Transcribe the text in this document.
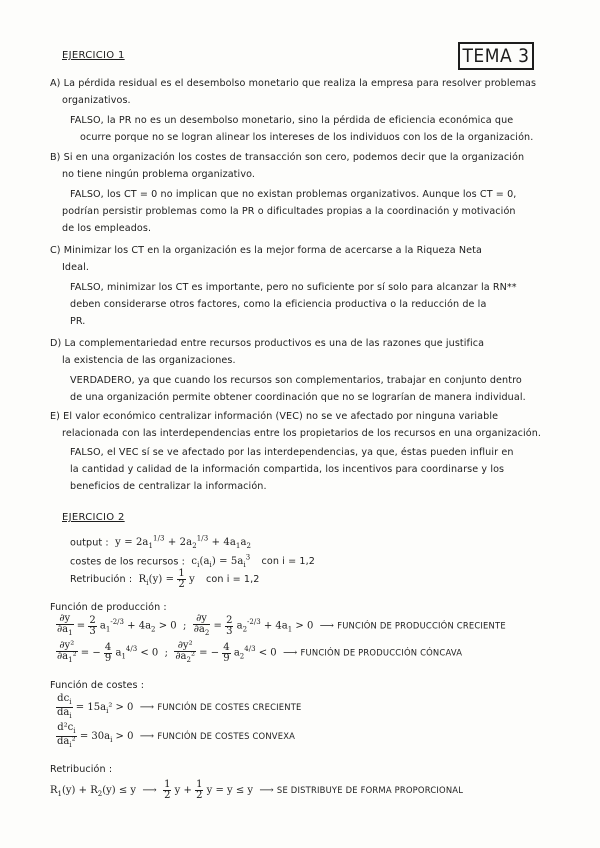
EJERCICIO 1	TEMA 3
A) La pérdida residual es el desembolso monetario que realiza la empresa para resolver problemas
organizativos.
FALSO, la PR no es un desembolso monetario, sino la pérdida de eficiencia económica que
ocurre porque no se logran alinear los intereses de los individuos con los de la organización.
B) Si en una organización los costes de transacción son cero, podemos decir que la organización
no tiene ningún problema organizativo.
FALSO, los CT = 0 no implican que no existan problemas organizativos. Aunque los CT = 0,
podrían persistir problemas como la PR o dificultades propias a la coordinación y motivación
de los empleados.
C) Minimizar los CT en la organización es la mejor forma de acercarse a la Riqueza Neta
Ideal.
FALSO, minimizar los CT es importante, pero no suficiente por sí solo para alcanzar la RN**
deben considerarse otros factores, como la eficiencia productiva o la reducción de la
PR.
D) La complementariedad entre recursos productivos es una de las razones que justifica
la existencia de las organizaciones.
VERDADERO, ya que cuando los recursos son complementarios, trabajar en conjunto dentro
de una organización permite obtener coordinación que no se lograrían de manera individual.
E) El valor económico centralizar información (VEC) no se ve afectado por ninguna variable
relacionada con las interdependencias entre los propietarios de los recursos en una organización.
FALSO, el VEC sí se ve afectado por las interdependencias, ya que, éstas pueden influir en
la cantidad y calidad de la información compartida, los incentivos para coordinarse y los
beneficios de centralizar la información.
EJERCICIO 2
output :  $y = 2a_1^{1/3} + 2a_2^{1/3} + 4a_1a_2$
costes de los recursos :  $c_i(a_i) = 5a_i^3$ con i = 1,2
Retribución :  $R_i(y) = \frac{1}{2}$ y con i = 1,2
Función de producción :
$\frac{\partial y}{\partial a_1} = \frac{2}{3} a_1^{-2/3} + 4a_2 > 0$  ; $\frac{\partial y}{\partial a_2} = \frac{2}{3} a_2^{-2/3} + 4a_1 > 0$  ⟶ FUNCIÓN DE PRODUCCIÓN CRECIENTE
$\frac{\text{∂y²}}{\partial a_1^2}$ = − $\frac{4}{9} a_1^{4/3} < 0$  ; $\frac{\text{∂y²}}{\partial a_2^2}$ = − $\frac{4}{9} a_2^{4/3} < 0$  ⟶ FUNCIÓN DE PRODUCCIÓN CÓNCAVA
Función de costes :
$\frac{dc_i}{da_i} = 15a_i^2 > 0$  ⟶ FUNCIÓN DE COSTES CRECIENTE
$\frac{d^2c_i}{da_i^2} = 30a_i > 0$  ⟶ FUNCIÓN DE COSTES CONVEXA
Retribución :
$R_1(y) + R_2(y) \le y$  ⟶ $\frac{1}{2}$ $y + \frac{1}{2}$ y = y ≤ y  ⟶ SE DISTRIBUYE DE FORMA PROPORCIONAL
